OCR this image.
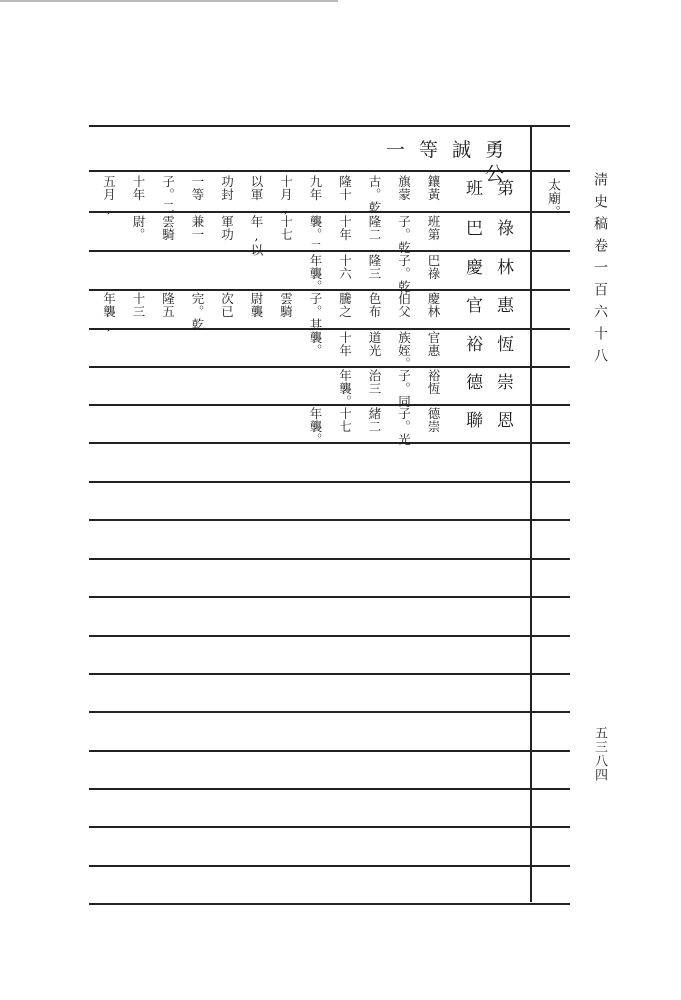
一等誠勇公
太廟。 淸史稿卷一百六十八
五三八四
班第
鑲黃
旗蒙
古。乾
隆十
九年
十月,
以軍
功封
一等
子。二
十年
五月,
巴祿
班第
子。乾
隆二
十年
襲。二
十七
年,以
軍功
兼一
雲騎
尉。
慶林
巴祿
子。乾
隆三
十六
年襲。
官惠
慶林
伯父
色布
騰之
子。其
雲騎
尉襲
次已
完。乾
隆五
十三
年襲,
裕恆
官惠
族姪。
道光
十年
襲。
德崇
裕恆
子。同
治三
年襲。
聯恩
德崇
子。光
緒二
十七
年襲。
